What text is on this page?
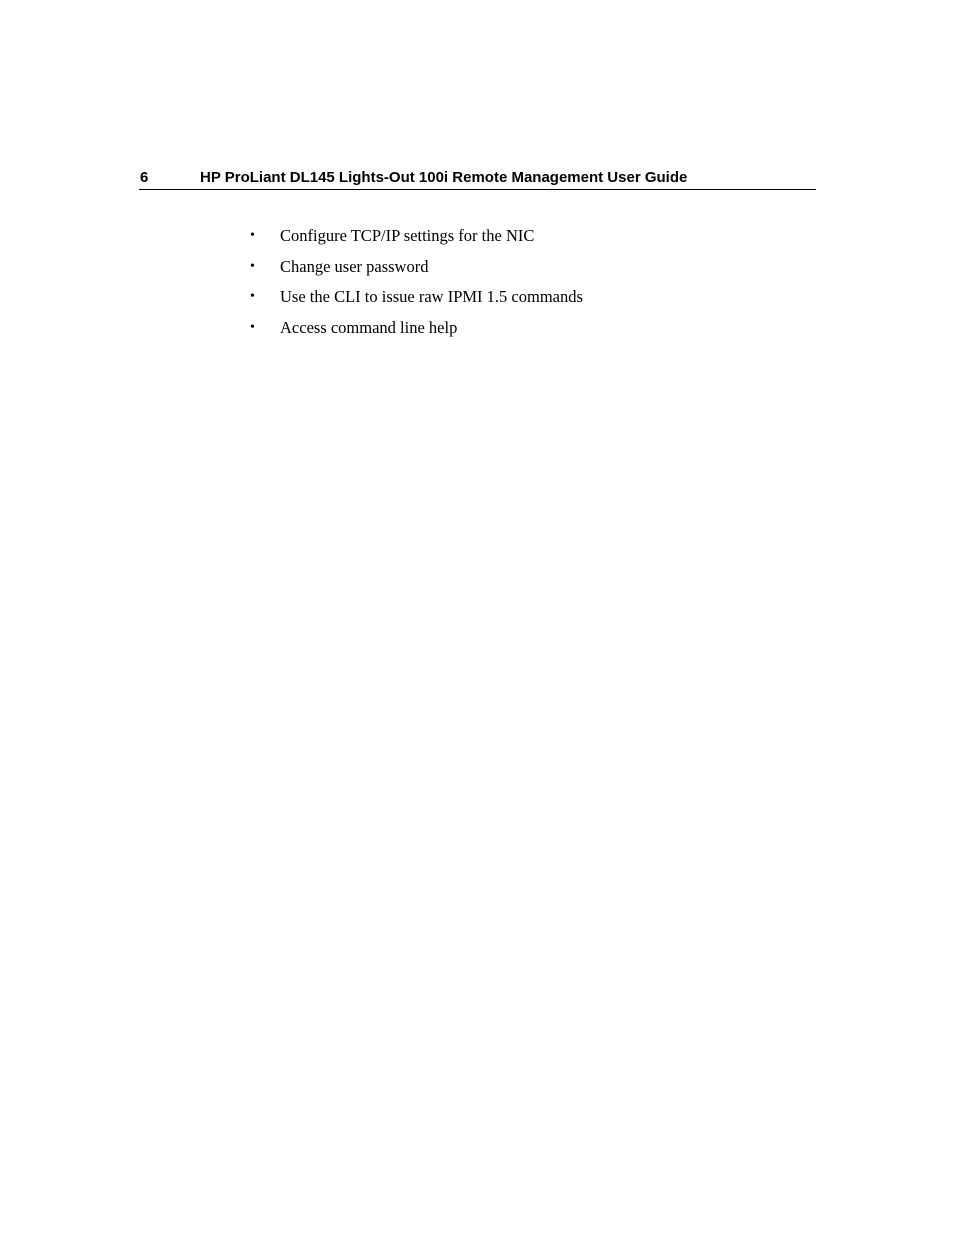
6	HP ProLiant DL145 Lights-Out 100i Remote Management User Guide
• Configure TCP/IP settings for the NIC
• Change user password
• Use the CLI to issue raw IPMI 1.5 commands
• Access command line help
